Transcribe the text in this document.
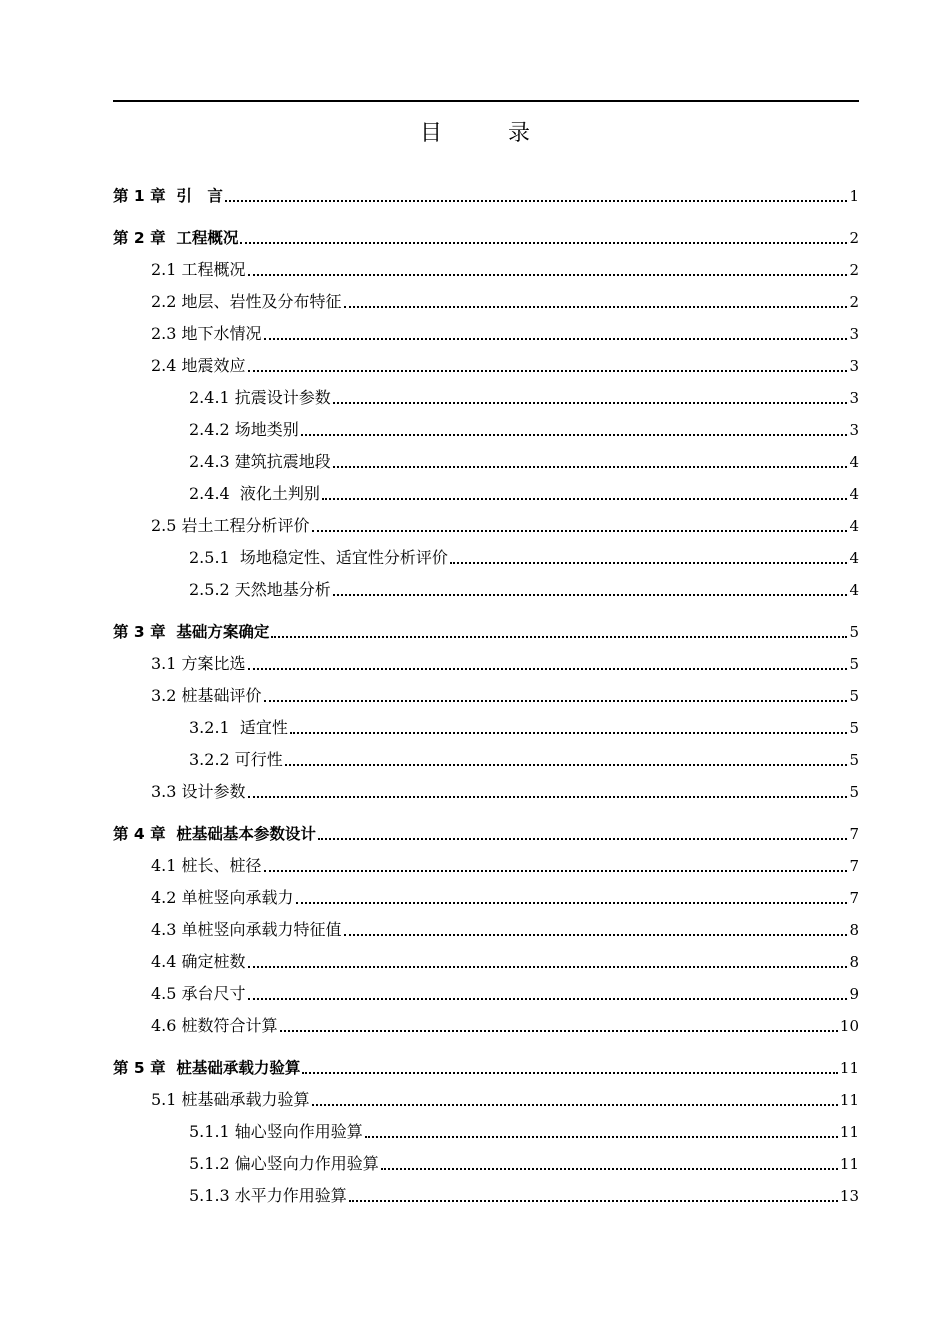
目　录
第 1 章  引　言	1
第 2 章  工程概况	2
2.1 工程概况	2
2.2 地层、岩性及分布特征	2
2.3 地下水情况	3
2.4 地震效应	3
2.4.1 抗震设计参数	3
2.4.2 场地类别	3
2.4.3 建筑抗震地段	4
2.4.4  液化土判别	4
2.5 岩土工程分析评价	4
2.5.1  场地稳定性、适宜性分析评价	4
2.5.2 天然地基分析	4
第 3 章  基础方案确定	5
3.1 方案比选	5
3.2 桩基础评价	5
3.2.1  适宜性	5
3.2.2 可行性	5
3.3 设计参数	5
第 4 章  桩基础基本参数设计	7
4.1 桩长、桩径	7
4.2 单桩竖向承载力	7
4.3 单桩竖向承载力特征值	8
4.4 确定桩数	8
4.5 承台尺寸	9
4.6 桩数符合计算	10
第 5 章  桩基础承载力验算	11
5.1 桩基础承载力验算	11
5.1.1 轴心竖向作用验算	11
5.1.2 偏心竖向力作用验算	11
5.1.3 水平力作用验算	13
